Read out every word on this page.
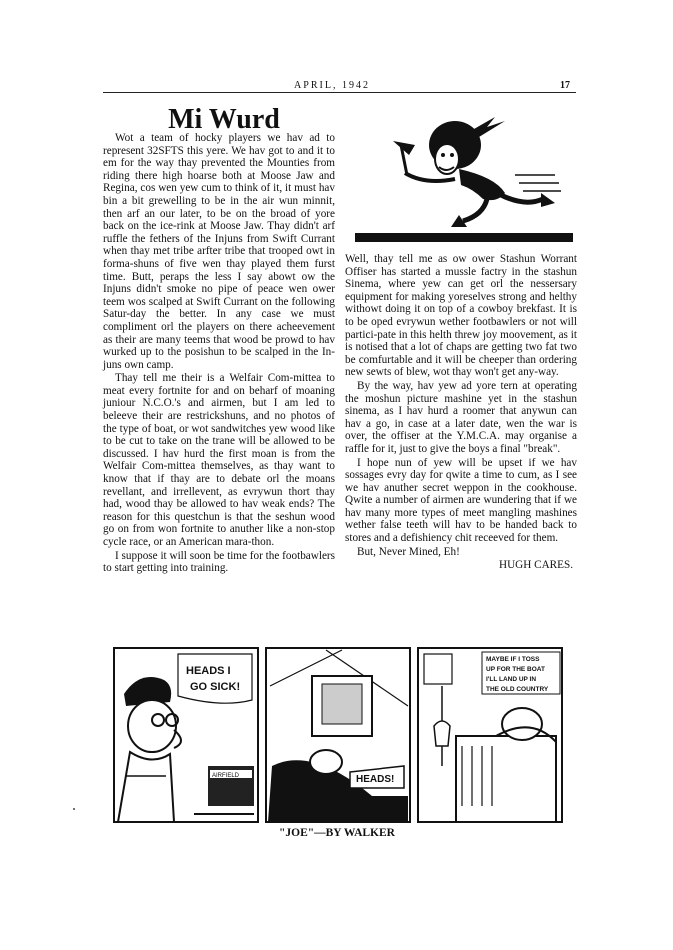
APRIL, 1942	17
Mi Wurd

Wot a team of hocky players we hav ad to represent 32SFTS this yere. We hav got to and it to em for the way thay prevented the Mounties from riding there high hoarse both at Moose Jaw and Regina, cos wen yew cum to think of it, it must hav bin a bit grewelling to be in the air wun minnit, then arf an our later, to be on the broad of yore back on the ice-rink at Moose Jaw. Thay didn't arf ruffle the fethers of the Injuns from Swift Currant when thay met tribe arfter tribe that trooped owt in forma-shuns of five wen thay played them furst time. Butt, peraps the less I say abowt ow the Injuns didn't smoke no pipe of peace wen ower teem wos scalped at Swift Currant on the following Satur-day the better. In any case we must compliment orl the players on there acheevement as their are many teems that wood be prowd to hav wurked up to the posishun to be scalped in the In-juns own camp.

Thay tell me their is a Welfair Com-mittea to meat every fortnite for and on beharf of moaning juniour N.C.O.'s and airmen, but I am led to beleeve their are restrickshuns, and no photos of the type of boat, or wot sandwitches yew wood like to be cut to take on the trane will be allowed to be discussed. I hav hurd the first moan is from the Welfair Com-mittea themselves, as thay want to know that if thay are to debate orl the moans revellant, and irrellevent, as evrywun thort thay had, wood thay be allowed to hav weak ends? The reason for this questchun is that the seshun wood go on from won fortnite to anuther like a non-stop cycle race, or an American mara-thon.

I suppose it will soon be time for the footbawlers to start getting into training.

Well, thay tell me as ow ower Stashun Worrant Offiser has started a mussle factry in the stashun Sinema, where yew can get orl the nessersary equipment for making yoreselves strong and helthy withowt doing it on top of a cowboy brekfast. It is to be oped evrywun wether footbawlers or not will partici-pate in this helth threw joy moovement, as it is notised that a lot of chaps are getting two fat two be comfurtable and it will be cheeper than ordering new sewts of blew, wot thay won't get any-way.

By the way, hav yew ad yore tern at operating the moshun picture mashine yet in the stashun sinema, as I hav hurd a roomer that anywun can hav a go, in case at a later date, wen the war is over, the offiser at the Y.M.C.A. may organise a raffle for it, just to give the boys a final "break".

I hope nun of yew will be upset if we hav sossages evry day for qwite a time to cum, as I see we hav anuther secret weppon in the cookhouse. Qwite a number of airmen are wundering that if we hav many more types of meet mangling mashines wether false teeth will hav to be handed back to stores and a defishiency chit receeved for them.

But, Never Mined, Eh!

HUGH CARES.
HEADS I
GO SICK!
AIRFIELD	HEADS!
MAYBE IF I TOSS
UP FOR THE BOAT
I'LL LAND UP IN
THE OLD COUNTRY
"JOE"—BY WALKER
